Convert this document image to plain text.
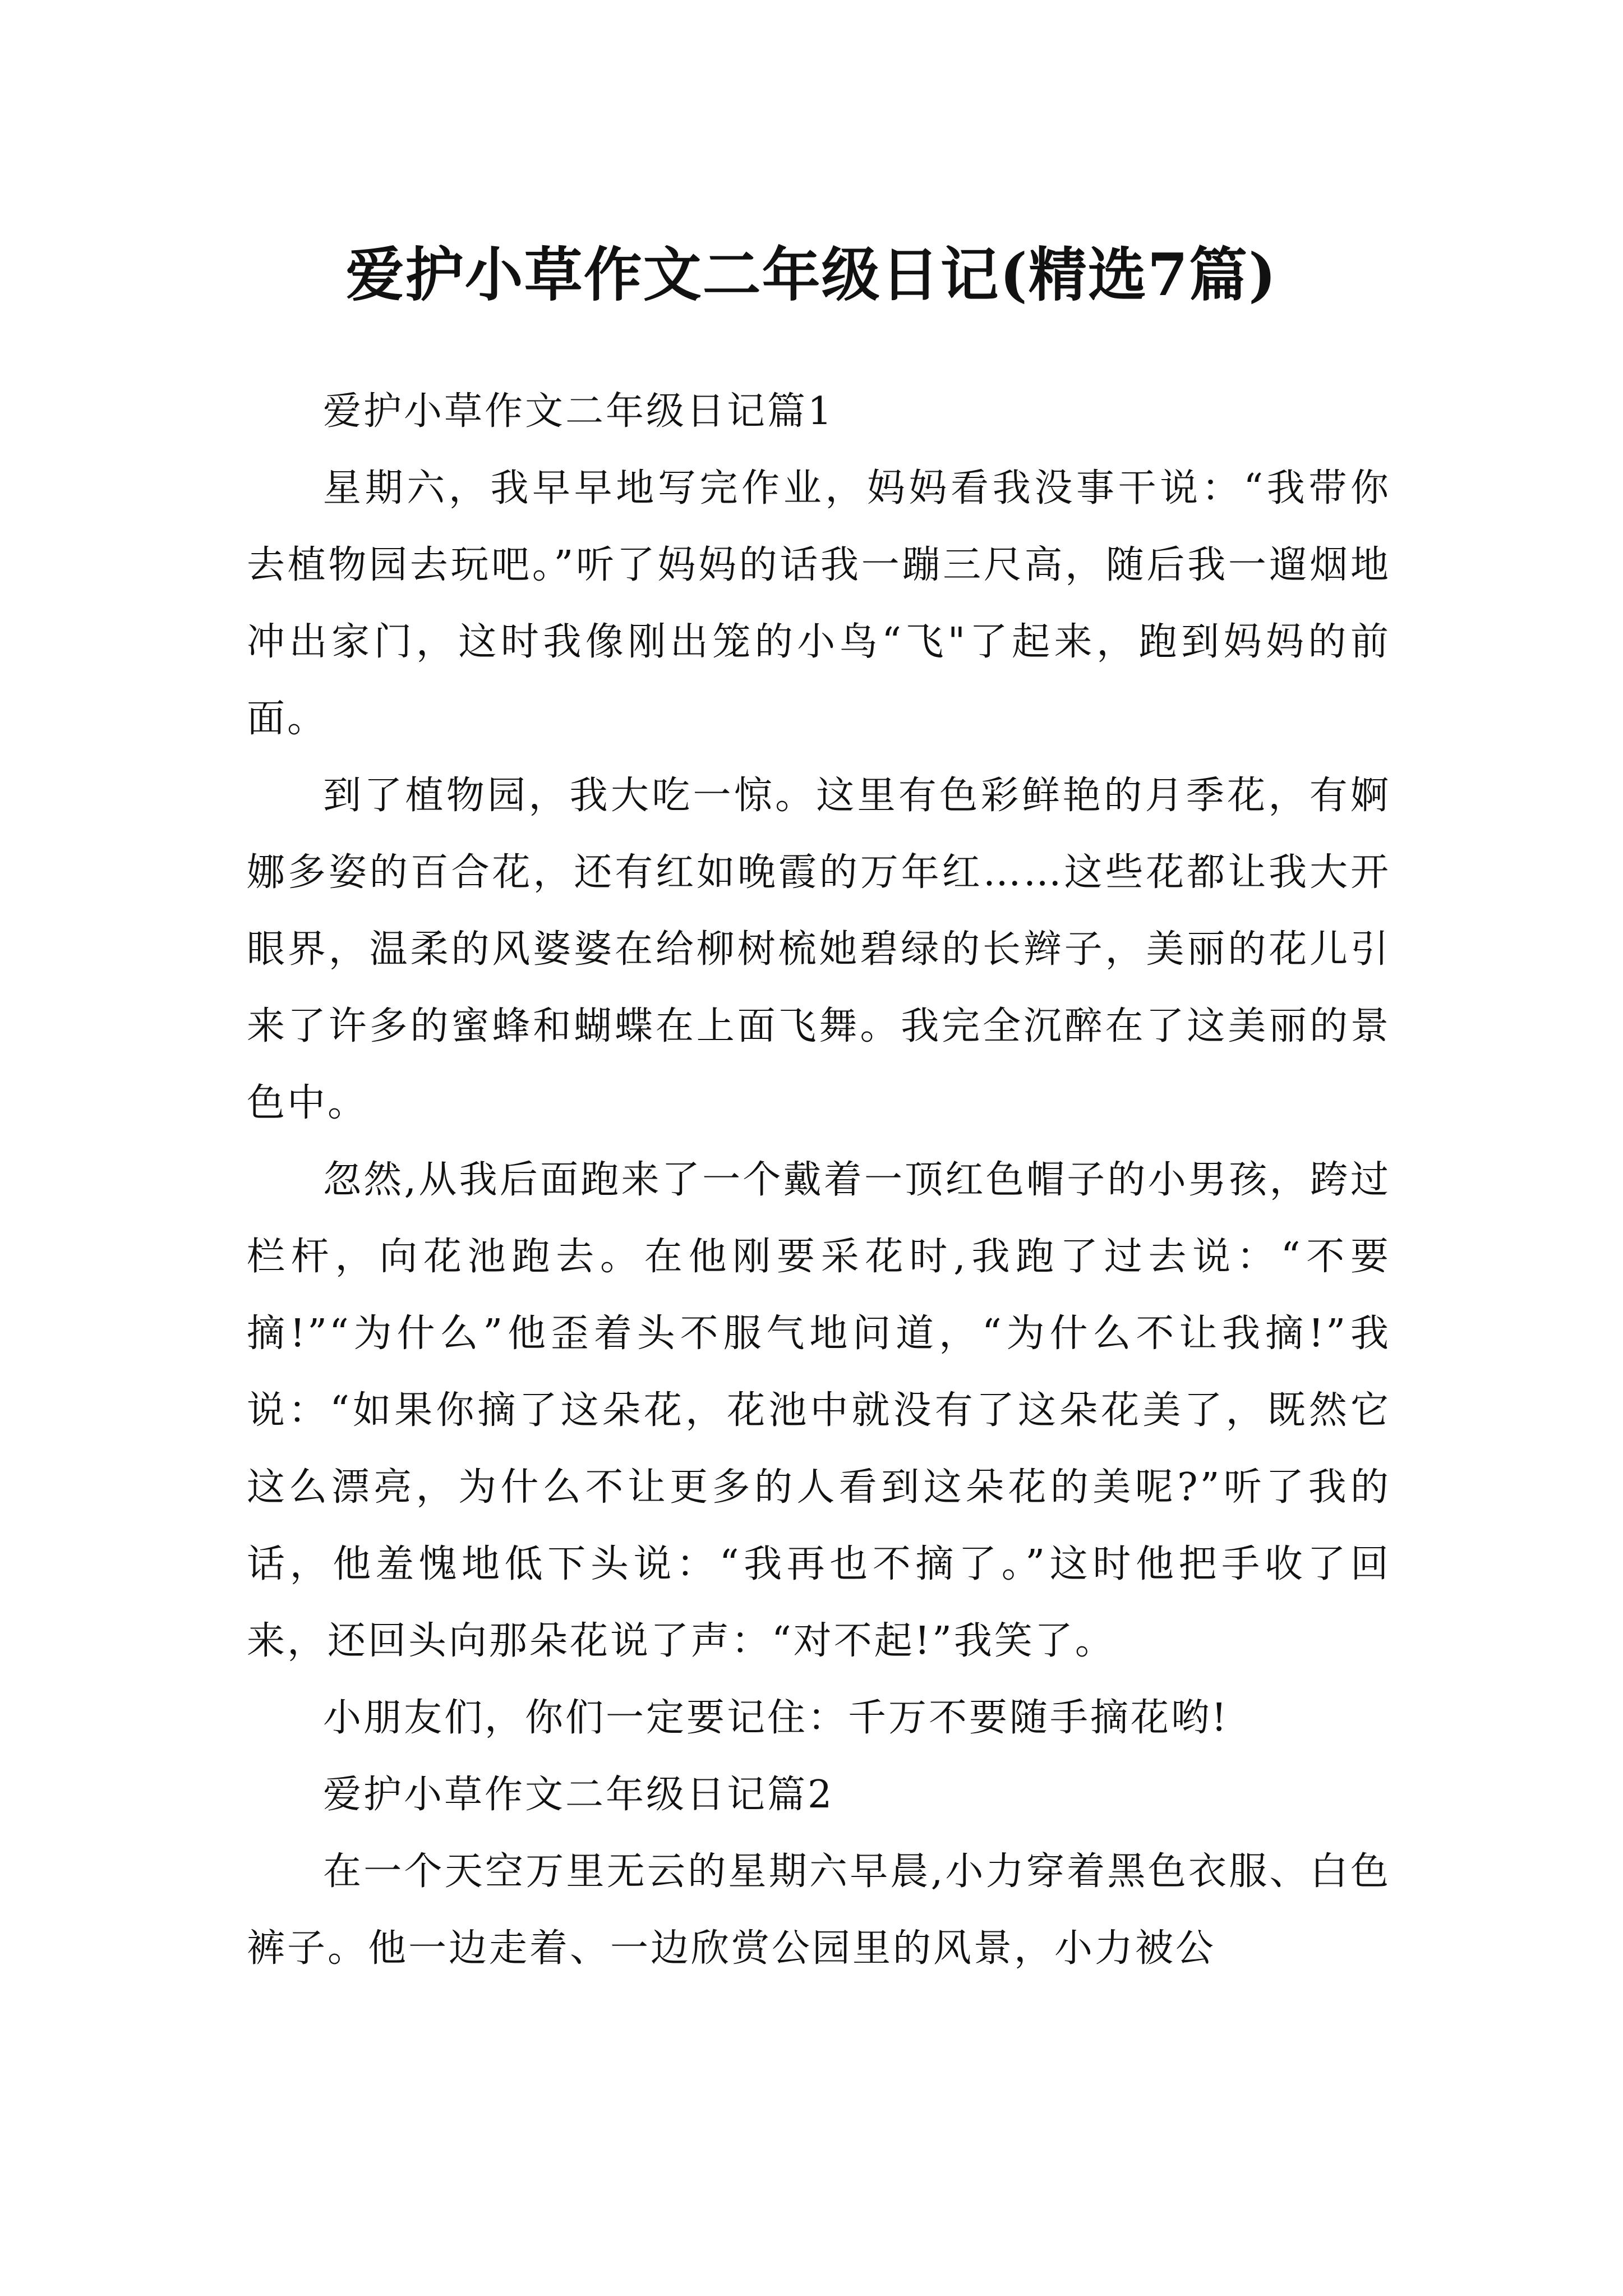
爱护小草作文二年级日记(精选7篇)

爱护小草作文二年级日记篇1

星期六，我早早地写完作业，妈妈看我没事干说：“我带你去植物园去玩吧。”听了妈妈的话我一蹦三尺高，随后我一遛烟地冲出家门，这时我像刚出笼的小鸟“飞"了起来，跑到妈妈的前面。

到了植物园，我大吃一惊。这里有色彩鲜艳的月季花，有婀娜多姿的百合花，还有红如晚霞的万年红……这些花都让我大开眼界，温柔的风婆婆在给柳树梳她碧绿的长辫子，美丽的花儿引来了许多的蜜蜂和蝴蝶在上面飞舞。我完全沉醉在了这美丽的景色中。

忽然,从我后面跑来了一个戴着一顶红色帽子的小男孩，跨过栏杆，向花池跑去。在他刚要采花时,我跑了过去说：“不要摘!”“为什么”他歪着头不服气地问道，“为什么不让我摘!”我说：“如果你摘了这朵花，花池中就没有了这朵花美了，既然它这么漂亮，为什么不让更多的人看到这朵花的美呢?”听了我的话，他羞愧地低下头说：“我再也不摘了。”这时他把手收了回来，还回头向那朵花说了声：“对不起!”我笑了。

小朋友们，你们一定要记住：千万不要随手摘花哟!

爱护小草作文二年级日记篇2

在一个天空万里无云的星期六早晨,小力穿着黑色衣服、白色裤子。他一边走着、一边欣赏公园里的风景，小力被公
